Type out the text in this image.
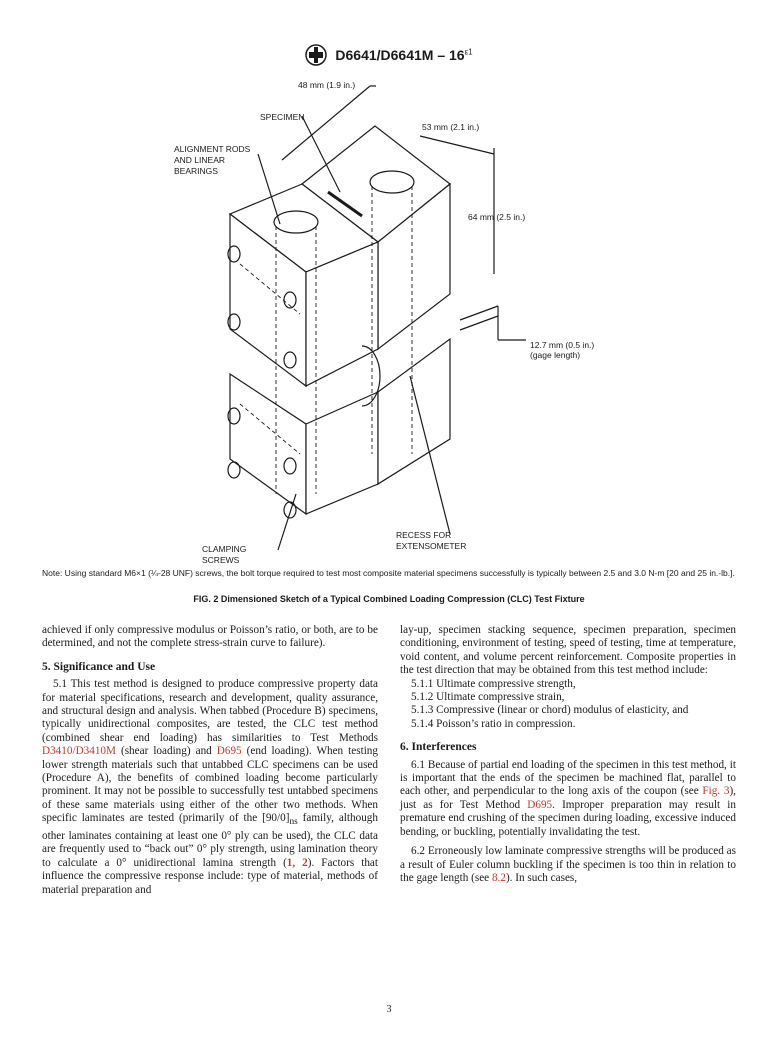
$D6641/D6641M - 16^{\varepsilon 1}$
48 mm (1.9 in.)
SPECIMEN
53 mm (2.1 in.)
ALIGNMENT RODS
AND LINEAR
BEARINGS
64 mm (2.5 in.)
12.7 mm (0.5 in.)
(gage length)
RECESS FOR
EXTENSOMETER
CLAMPING
SCREWS
Note: Using standard M6×1 (¼-28 UNF) screws, the bolt torque required to test most composite material specimens successfully is typically between 2.5 and 3.0 N-m [20 and 25 in.-lb.].
FIG. 2 Dimensioned Sketch of a Typical Combined Loading Compression (CLC) Test Fixture

achieved if only compressive modulus or Poisson’s ratio, or both, are to be determined, and not the complete stress-strain curve to failure).

5. Significance and Use

5.1 This test method is designed to produce compressive property data for material specifications, research and development, quality assurance, and structural design and analysis. When tabbed (Procedure B) specimens, typically unidirectional composites, are tested, the CLC test method (combined shear end loading) has similarities to Test Methods D3410/D3410M (shear loading) and D695 (end loading). When testing lower strength materials such that untabbed CLC specimens can be used (Procedure A), the benefits of combined loading become particularly prominent. It may not be possible to successfully test untabbed specimens of these same materials using either of the other two methods. When specific laminates are tested (primarily of the $[90/0]_{ns}$ family, although other laminates containing at least one 0° ply can be used), the CLC data are frequently used to “back out” 0° ply strength, using lamination theory to calculate a 0° unidirectional lamina strength (1, 2). Factors that influence the compressive response include: type of material, methods of material preparation and

lay-up, specimen stacking sequence, specimen preparation, specimen conditioning, environment of testing, speed of testing, time at temperature, void content, and volume percent reinforcement. Composite properties in the test direction that may be obtained from this test method include:

5.1.1 Ultimate compressive strength,

5.1.2 Ultimate compressive strain,

5.1.3 Compressive (linear or chord) modulus of elasticity, and

5.1.4 Poisson’s ratio in compression.

6. Interferences

6.1 Because of partial end loading of the specimen in this test method, it is important that the ends of the specimen be machined flat, parallel to each other, and perpendicular to the long axis of the coupon (see Fig. 3), just as for Test Method D695. Improper preparation may result in premature end crushing of the specimen during loading, excessive induced bending, or buckling, potentially invalidating the test.

6.2 Erroneously low laminate compressive strengths will be produced as a result of Euler column buckling if the specimen is too thin in relation to the gage length (see 8.2). In such cases,

3
